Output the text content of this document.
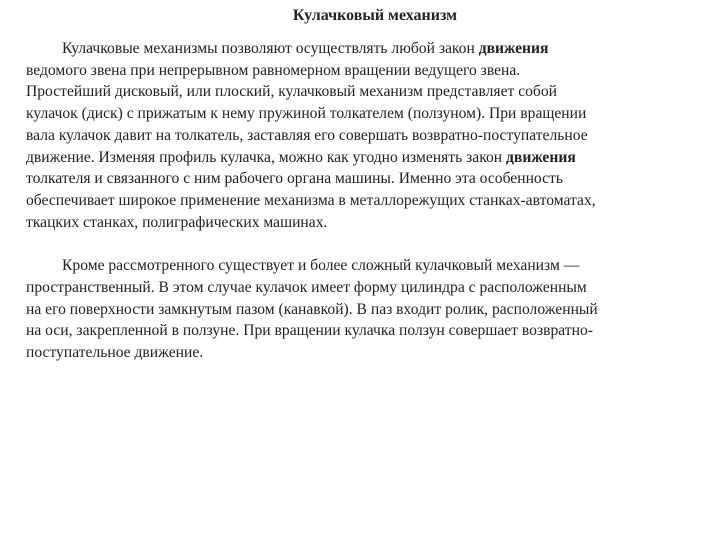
Кулачковый механизм
Кулачковые механизмы позволяют осуществлять любой закон движения
ведомого звена при непрерывном равномерном вращении ведущего звена.
Простейший дисковый, или плоский, кулачковый механизм представляет собой
кулачок (диск) с прижатым к нему пружиной толкателем (ползуном). При вращении
вала кулачок давит на толкатель, заставляя его совершать возвратно-поступательное
движение. Изменяя профиль кулачка, можно как угодно изменять закон движения
толкателя и связанного с ним рабочего органа машины. Именно эта особенность
обеспечивает широкое применение механизма в металлорежущих станках-автоматах,
ткацких станках, полиграфических машинах.
Кроме рассмотренного существует и более сложный кулачковый механизм —
пространственный. В этом случае кулачок имеет форму цилиндра с расположенным
на его поверхности замкнутым пазом (канавкой). В паз входит ролик, расположенный
на оси, закрепленной в ползуне. При вращении кулачка ползун совершает возвратно-
поступательное движение.
